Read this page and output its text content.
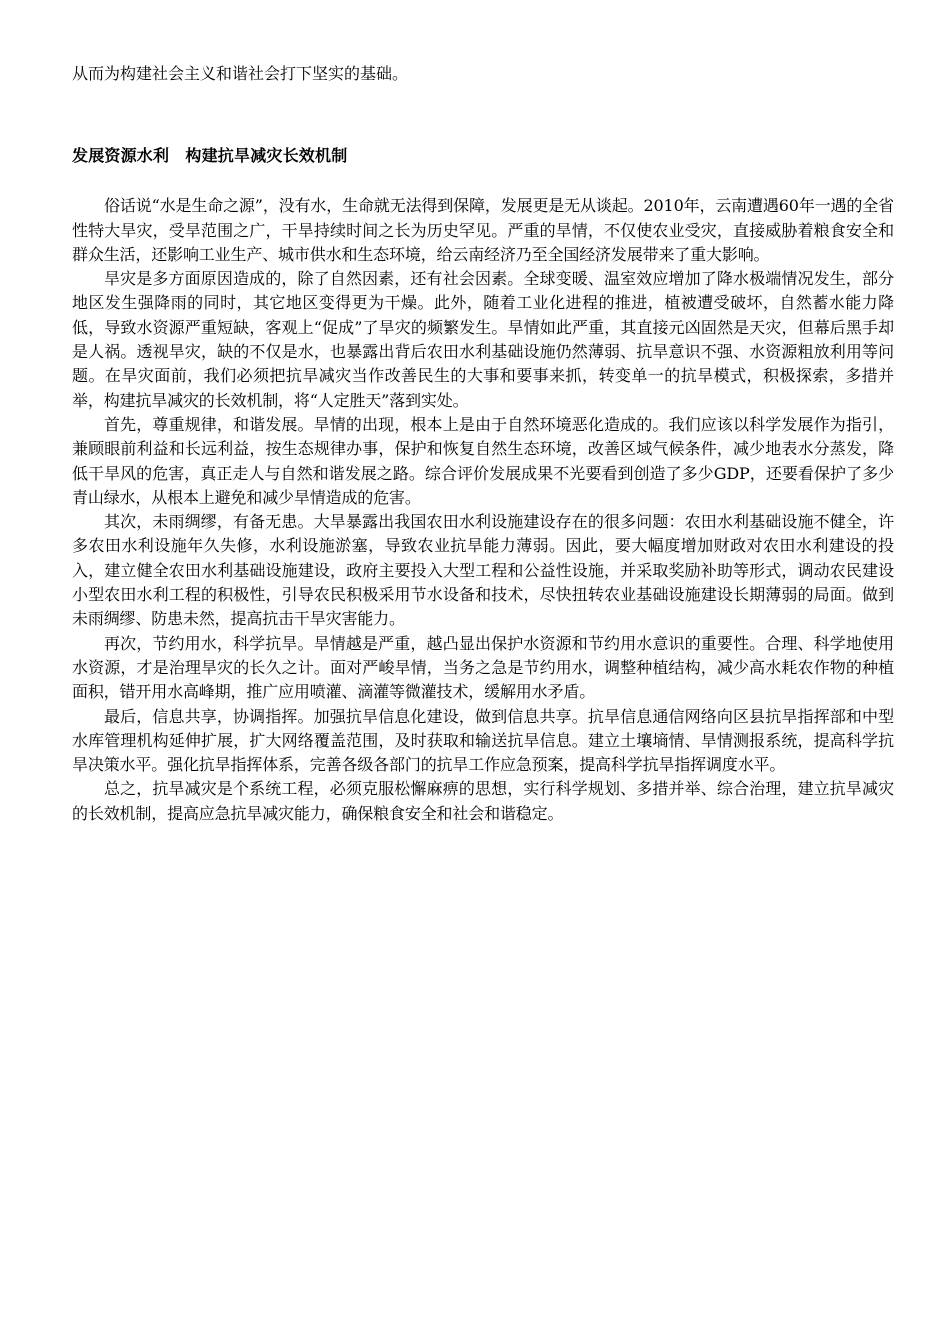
从而为构建社会主义和谐社会打下坚实的基础。

发展资源水利　构建抗旱减灾长效机制

俗话说“水是生命之源”，没有水，生命就无法得到保障，发展更是无从谈起。2010年，云南遭遇60年一遇的全省性特大旱灾，受旱范围之广，干旱持续时间之长为历史罕见。严重的旱情，不仅使农业受灾，直接威胁着粮食安全和群众生活，还影响工业生产、城市供水和生态环境，给云南经济乃至全国经济发展带来了重大影响。

旱灾是多方面原因造成的，除了自然因素，还有社会因素。全球变暖、温室效应增加了降水极端情况发生，部分地区发生强降雨的同时，其它地区变得更为干燥。此外，随着工业化进程的推进，植被遭受破坏，自然蓄水能力降低，导致水资源严重短缺，客观上“促成”了旱灾的频繁发生。旱情如此严重，其直接元凶固然是天灾，但幕后黑手却是人祸。透视旱灾，缺的不仅是水，也暴露出背后农田水利基础设施仍然薄弱、抗旱意识不强、水资源粗放利用等问题。在旱灾面前，我们必须把抗旱减灾当作改善民生的大事和要事来抓，转变单一的抗旱模式，积极探索，多措并举，构建抗旱减灾的长效机制，将“人定胜天”落到实处。

首先，尊重规律，和谐发展。旱情的出现，根本上是由于自然环境恶化造成的。我们应该以科学发展作为指引，兼顾眼前利益和长远利益，按生态规律办事，保护和恢复自然生态环境，改善区域气候条件，减少地表水分蒸发，降低干旱风的危害，真正走人与自然和谐发展之路。综合评价发展成果不光要看到创造了多少GDP，还要看保护了多少青山绿水，从根本上避免和减少旱情造成的危害。

其次，未雨绸缪，有备无患。大旱暴露出我国农田水利设施建设存在的很多问题：农田水利基础设施不健全，许多农田水利设施年久失修，水利设施淤塞，导致农业抗旱能力薄弱。因此，要大幅度增加财政对农田水利建设的投入，建立健全农田水利基础设施建设，政府主要投入大型工程和公益性设施，并采取奖励补助等形式，调动农民建设小型农田水利工程的积极性，引导农民积极采用节水设备和技术，尽快扭转农业基础设施建设长期薄弱的局面。做到未雨绸缪、防患未然，提高抗击干旱灾害能力。

再次，节约用水，科学抗旱。旱情越是严重，越凸显出保护水资源和节约用水意识的重要性。合理、科学地使用水资源，才是治理旱灾的长久之计。面对严峻旱情，当务之急是节约用水，调整种植结构，减少高水耗农作物的种植面积，错开用水高峰期，推广应用喷灌、滴灌等微灌技术，缓解用水矛盾。

最后，信息共享，协调指挥。加强抗旱信息化建设，做到信息共享。抗旱信息通信网络向区县抗旱指挥部和中型水库管理机构延伸扩展，扩大网络覆盖范围，及时获取和输送抗旱信息。建立土壤墒情、旱情测报系统，提高科学抗旱决策水平。强化抗旱指挥体系，完善各级各部门的抗旱工作应急预案，提高科学抗旱指挥调度水平。

总之，抗旱减灾是个系统工程，必须克服松懈麻痹的思想，实行科学规划、多措并举、综合治理，建立抗旱减灾的长效机制，提高应急抗旱减灾能力，确保粮食安全和社会和谐稳定。
